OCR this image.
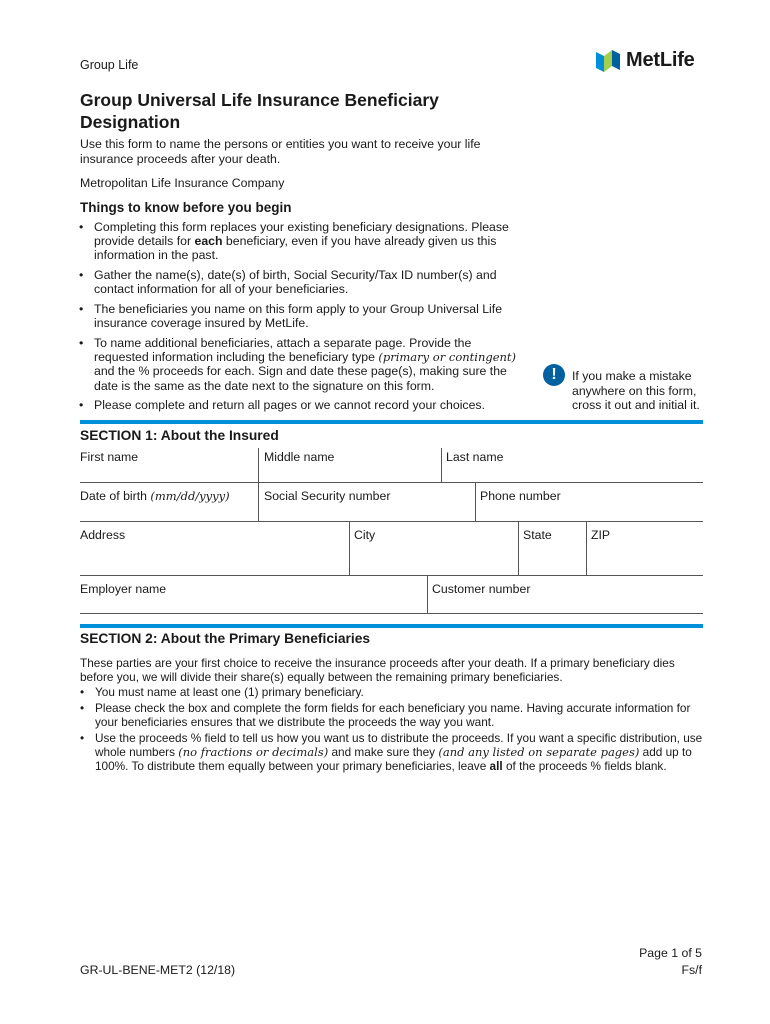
Group Life	MetLife
Group Universal Life Insurance Beneficiary Designation
Use this form to name the persons or entities you want to receive your life insurance proceeds after your death.
Metropolitan Life Insurance Company
Things to know before you begin
• Completing this form replaces your existing beneficiary designations. Please provide details for each beneficiary, even if you have already given us this information in the past.
• Gather the name(s), date(s) of birth, Social Security/Tax ID number(s) and contact information for all of your beneficiaries.
• The beneficiaries you name on this form apply to your Group Universal Life insurance coverage insured by MetLife.
• To name additional beneficiaries, attach a separate page. Provide the requested information including the beneficiary type (primary or contingent) and the % proceeds for each. Sign and date these page(s), making sure the date is the same as the date next to the signature on this form.
• Please complete and return all pages or we cannot record your choices.
!	If you make a mistake anywhere on this form, cross it out and initial it.
SECTION 1: About the Insured
First name	Middle name	Last name
Date of birth (mm/dd/yyyy)	Social Security number	Phone number
Address	City	State	ZIP
Employer name	Customer number
SECTION 2: About the Primary Beneficiaries

These parties are your first choice to receive the insurance proceeds after your death. If a primary beneficiary dies before you, we will divide their share(s) equally between the remaining primary beneficiaries.

• You must name at least one (1) primary beneficiary.
• Please check the box and complete the form fields for each beneficiary you name. Having accurate information for your beneficiaries ensures that we distribute the proceeds the way you want.
• Use the proceeds % field to tell us how you want us to distribute the proceeds. If you want a specific distribution, use whole numbers (no fractions or decimals) and make sure they (and any listed on separate pages) add up to 100%. To distribute them equally between your primary beneficiaries, leave all of the proceeds % fields blank.
Page 1 of 5
Fs/f
GR-UL-BENE-MET2 (12/18)
